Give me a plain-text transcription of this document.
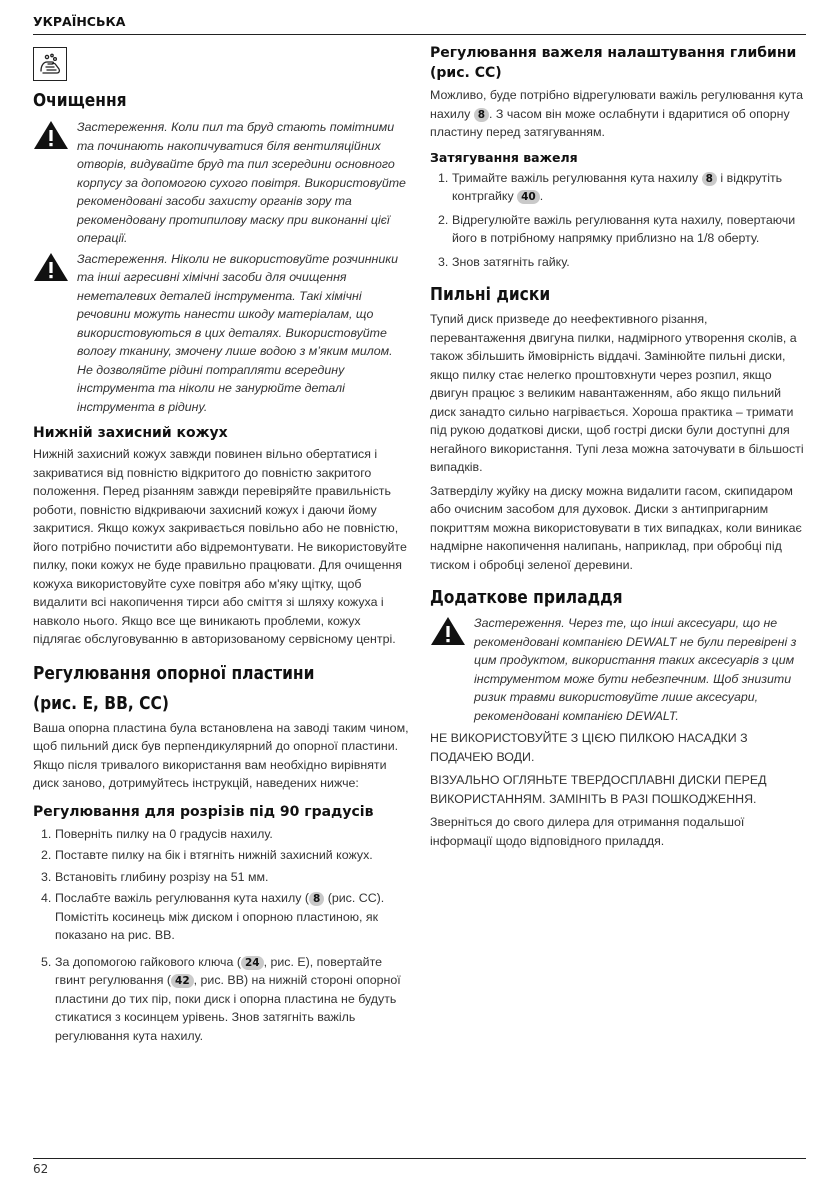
УКРАЇНСЬКА
Очищення
Застереження. Коли пил та бруд стають помітними та починають накопичуватися біля вентиляційних отворів, видувайте бруд та пил зсередини основного корпусу за допомогою сухого повітря. Використовуйте рекомендовані засоби захисту органів зору та рекомендовану протипилову маску при виконанні цієї операції.
Застереження. Ніколи не використовуйте розчинники та інші агресивні хімічні засоби для очищення неметалевих деталей інструмента. Такі хімічні речовини можуть нанести шкоду матеріалам, що використовуються в цих деталях. Використовуйте вологу тканину, змочену лише водою з м’яким милом. Не дозволяйте рідині потрапляти всередину інструмента та ніколи не занурюйте деталі інструмента в рідину.
Нижній захисний кожух

Нижній захисний кожух завжди повинен вільно обертатися і закриватися від повністю відкритого до повністю закритого положення. Перед різанням завжди перевіряйте правильність роботи, повністю відкриваючи захисний кожух і даючи йому закритися. Якщо кожух закривається повільно або не повністю, його потрібно почистити або відремонтувати. Не використовуйте пилку, поки кожух не буде правильно працювати. Для очищення кожуха використовуйте сухе повітря або м'яку щітку, щоб видалити всі накопичення тирси або сміття зі шляху кожуха і навколо нього. Якщо все ще виникають проблеми, кожух підлягає обслуговуванню в авторизованому сервісному центрі.

Регулювання опорної пластини
(рис. E, BB, CC)

Ваша опорна пластина була встановлена на заводі таким чином, щоб пильний диск був перпендикулярний до опорної пластини. Якщо після тривалого використання вам необхідно вирівняти диск заново, дотримуйтесь інструкцій, наведених нижче:

Регулювання для розрізів під 90 градусів
1. Поверніть пилку на 0 градусів нахилу.
2. Поставте пилку на бік і втягніть нижній захисний кожух.
3. Встановіть глибину розрізу на 51 мм.
4. Послабте важіль регулювання кута нахилу ( 8 (рис. CC). Помістіть косинець між диском і опорною пластиною, як показано на рис. BB.
5. За допомогою гайкового ключа ( 24 , рис. E), повертайте гвинт регулювання ( 42 , рис. BB) на нижній стороні опорної пластини до тих пір, поки диск і опорна пластина не будуть стикатися з косинцем урівень. Знов затягніть важіль регулювання кута нахилу.
Регулювання важеля налаштування глибини (рис. CC)

Можливо, буде потрібно відрегулювати важіль регулювання кута нахилу 8 . З часом він може ослабнути і вдаритися об опорну пластину перед затягуванням.

Затягування важеля
1. Тримайте важіль регулювання кута нахилу 8 і відкрутіть контргайку 40 .
2. Відрегулюйте важіль регулювання кута нахилу, повертаючи його в потрібному напрямку приблизно на 1/8 оберту.
3. Знов затягніть гайку.
Пильні диски

Тупий диск призведе до неефективного різання, перевантаження двигуна пилки, надмірного утворення сколів, а також збільшить ймовірність віддачі. Замінюйте пильні диски, якщо пилку стає нелегко проштовхнути через розпил, якщо двигун працює з великим навантаженням, або якщо пильний диск занадто сильно нагрівається. Хороша практика – тримати під рукою додаткові диски, щоб гострі диски були доступні для негайного використання. Тупі леза можна заточувати в більшості випадків.

Затверділу жуйку на диску можна видалити гасом, скипидаром або очисним засобом для духовок. Диски з антипригарним покриттям можна використовувати в тих випадках, коли виникає надмірне накопичення налипань, наприклад, при обробці під тиском і обробці зеленої деревини.

Додаткове приладдя
Застереження. Через те, що інші аксесуари, що не рекомендовані компанією DEWALT не були перевірені з цим продуктом, використання таких аксесуарів з цим інструментом може бути небезпечним. Щоб знизити ризик травми використовуйте лише аксесуари, рекомендовані компанією DEWALT.

НЕ ВИКОРИСТОВУЙТЕ З ЦІЄЮ ПИЛКОЮ НАСАДКИ З ПОДАЧЕЮ ВОДИ.

ВІЗУАЛЬНО ОГЛЯНЬТЕ ТВЕРДОСПЛАВНІ ДИСКИ ПЕРЕД ВИКОРИСТАННЯМ. ЗАМІНІТЬ В РАЗІ ПОШКОДЖЕННЯ.

Зверніться до свого дилера для отримання подальшої інформації щодо відповідного приладдя.

62
